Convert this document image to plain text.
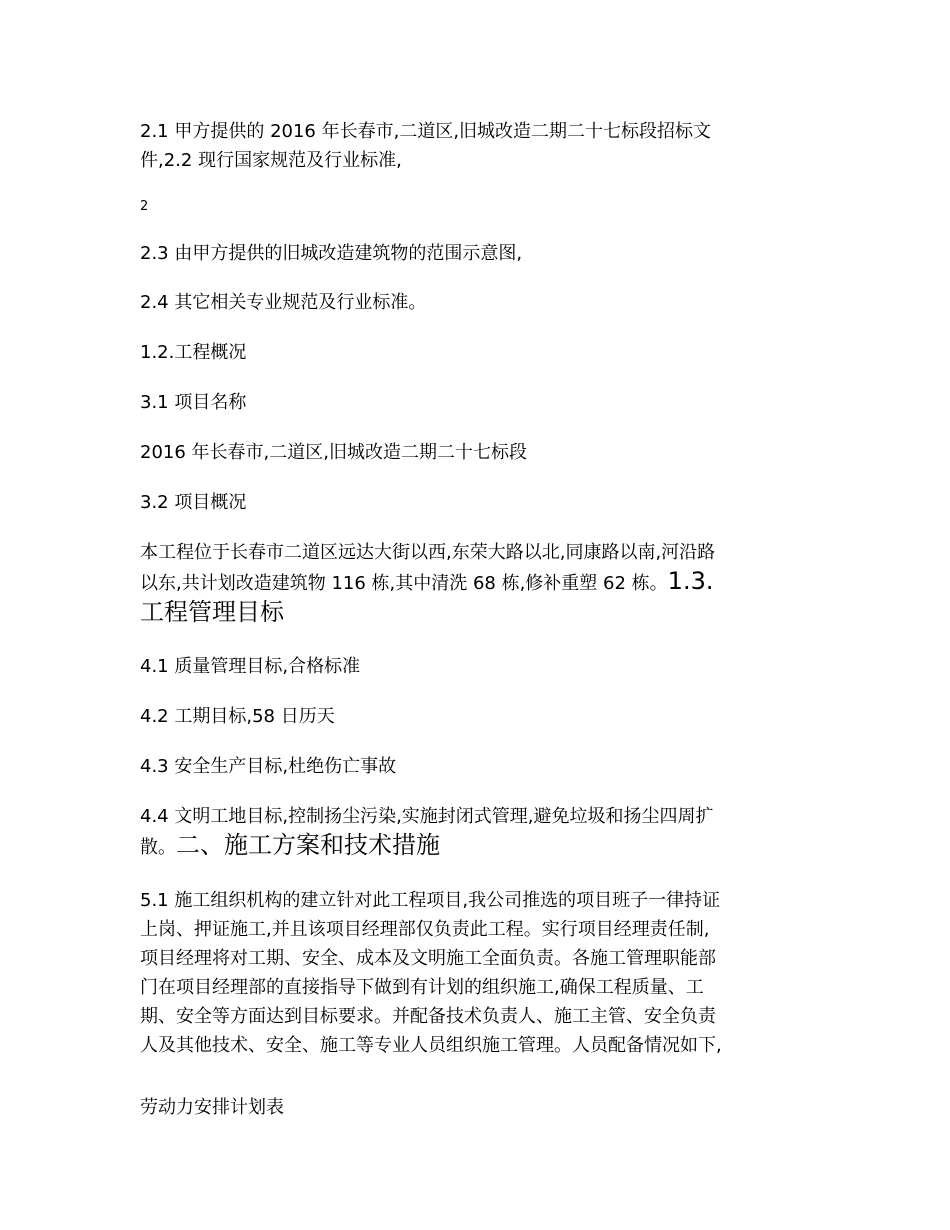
2.1 甲方提供的 2016 年长春市,二道区,旧城改造二期二十七标段招标文
件,2.2 现行国家规范及行业标准,

2

2.3 由甲方提供的旧城改造建筑物的范围示意图,

2.4 其它相关专业规范及行业标准。

1.2.工程概况

3.1 项目名称

2016 年长春市,二道区,旧城改造二期二十七标段

3.2 项目概况

本工程位于长春市二道区远达大街以西,东荣大路以北,同康路以南,河沿路
以东,共计划改造建筑物 116 栋,其中清洗 68 栋,修补重塑 62 栋。1.3.
工程管理目标

4.1 质量管理目标,合格标准

4.2 工期目标,58 日历天

4.3 安全生产目标,杜绝伤亡事故

4.4 文明工地目标,控制扬尘污染,实施封闭式管理,避免垃圾和扬尘四周扩
散。二、施工方案和技术措施

5.1 施工组织机构的建立针对此工程项目,我公司推选的项目班子一律持证
上岗、押证施工,并且该项目经理部仅负责此工程。实行项目经理责任制,
项目经理将对工期、安全、成本及文明施工全面负责。各施工管理职能部
门在项目经理部的直接指导下做到有计划的组织施工,确保工程质量、工
期、安全等方面达到目标要求。并配备技术负责人、施工主管、安全负责
人及其他技术、安全、施工等专业人员组织施工管理。人员配备情况如下,

劳动力安排计划表
